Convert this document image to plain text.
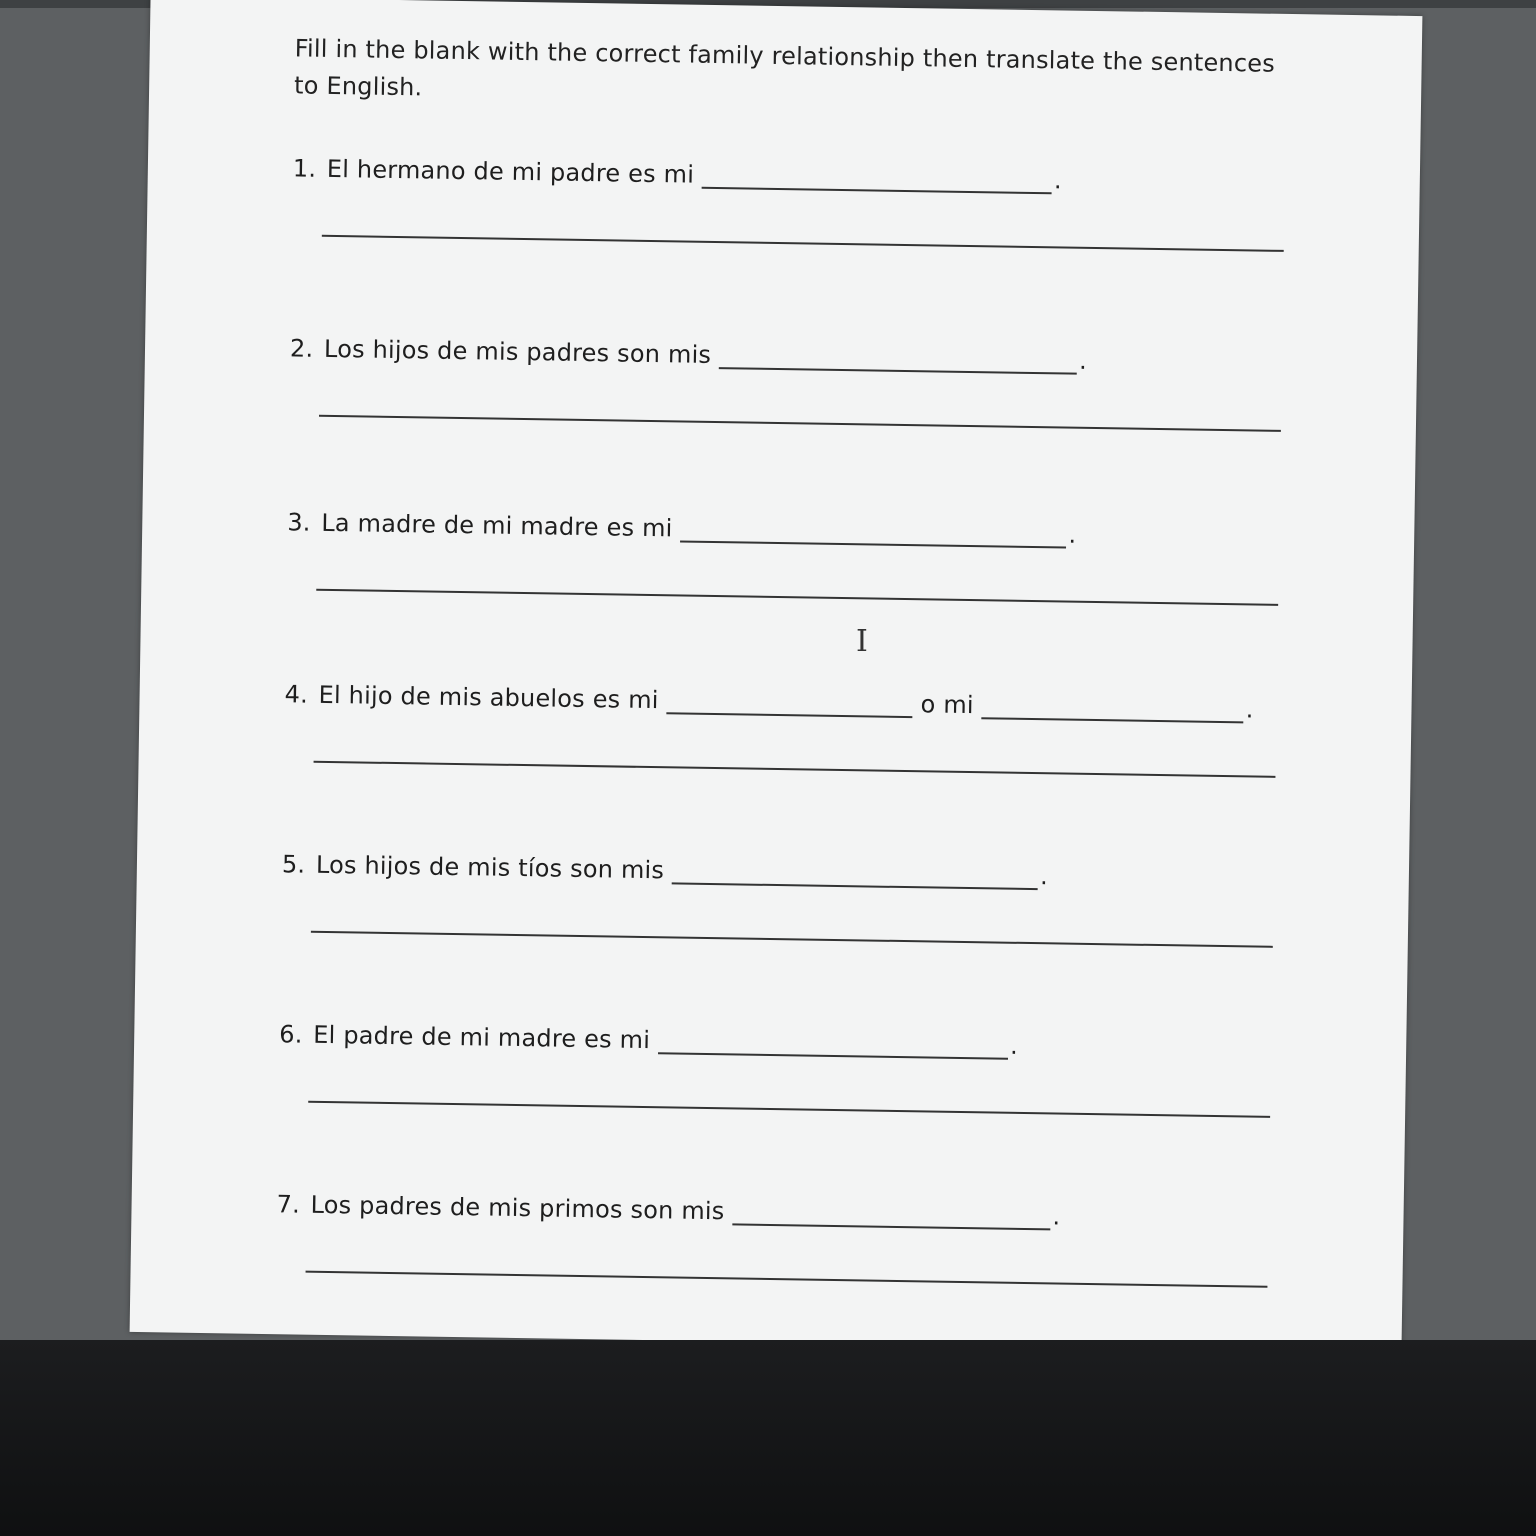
Fill in the blank with the correct family relationship then translate the sentences to English.

1. El hermano de mi padre es mi	.
2. Los hijos de mis padres son mis	.
3. La madre de mi madre es mi	.
4. El hijo de mis abuelos es mi	o mi	.
5. Los hijos de mis tíos son mis	.
6. El padre de mi madre es mi	.
7. Los padres de mis primos son mis	.
I
